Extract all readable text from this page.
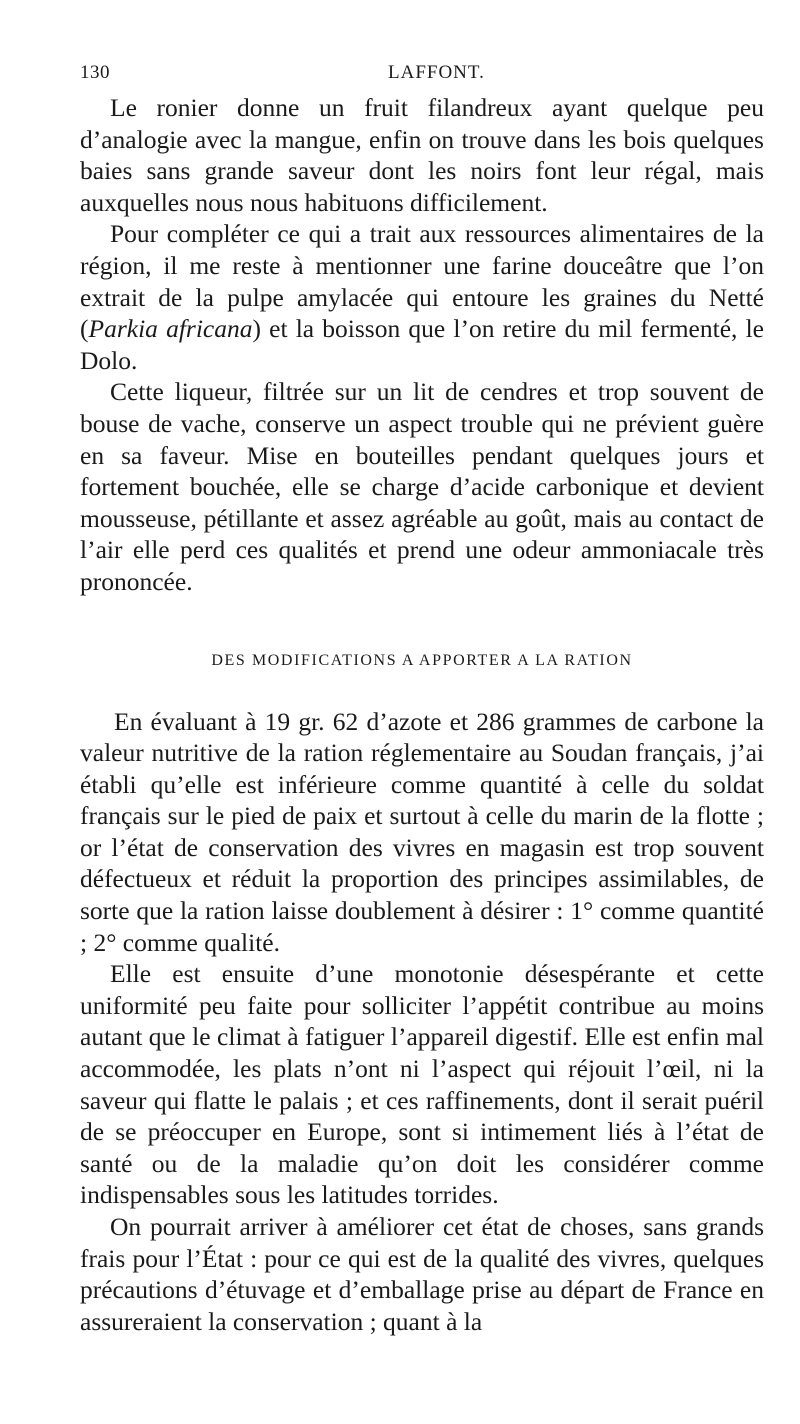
130	LAFFONT.

Le ronier donne un fruit filandreux ayant quelque peu d’analogie avec la mangue, enfin on trouve dans les bois quelques baies sans grande saveur dont les noirs font leur régal, mais auxquelles nous nous habituons difficilement.

Pour compléter ce qui a trait aux ressources alimentaires de la région, il me reste à mentionner une farine douceâtre que l’on extrait de la pulpe amylacée qui entoure les graines du Netté (Parkia africana) et la boisson que l’on retire du mil fermenté, le Dolo.

Cette liqueur, filtrée sur un lit de cendres et trop souvent de bouse de vache, conserve un aspect trouble qui ne prévient guère en sa faveur. Mise en bouteilles pendant quelques jours et fortement bouchée, elle se charge d’acide carbonique et devient mousseuse, pétillante et assez agréable au goût, mais au contact de l’air elle perd ces qualités et prend une odeur ammoniacale très prononcée.

DES MODIFICATIONS A APPORTER A LA RATION

En évaluant à 19 gr. 62 d’azote et 286 grammes de carbone la valeur nutritive de la ration réglementaire au Soudan français, j’ai établi qu’elle est inférieure comme quantité à celle du soldat français sur le pied de paix et surtout à celle du marin de la flotte ; or l’état de conservation des vivres en magasin est trop souvent défectueux et réduit la proportion des principes assimilables, de sorte que la ration laisse doublement à désirer : 1° comme quantité ; 2° comme qualité.

Elle est ensuite d’une monotonie désespérante et cette uniformité peu faite pour solliciter l’appétit contribue au moins autant que le climat à fatiguer l’appareil digestif. Elle est enfin mal accommodée, les plats n’ont ni l’aspect qui réjouit l’œil, ni la saveur qui flatte le palais ; et ces raffinements, dont il serait puéril de se préoccuper en Europe, sont si intimement liés à l’état de santé ou de la maladie qu’on doit les considérer comme indispensables sous les latitudes torrides.

On pourrait arriver à améliorer cet état de choses, sans grands frais pour l’État : pour ce qui est de la qualité des vivres, quelques précautions d’étuvage et d’emballage prise au départ de France en assureraient la conservation ; quant à la
